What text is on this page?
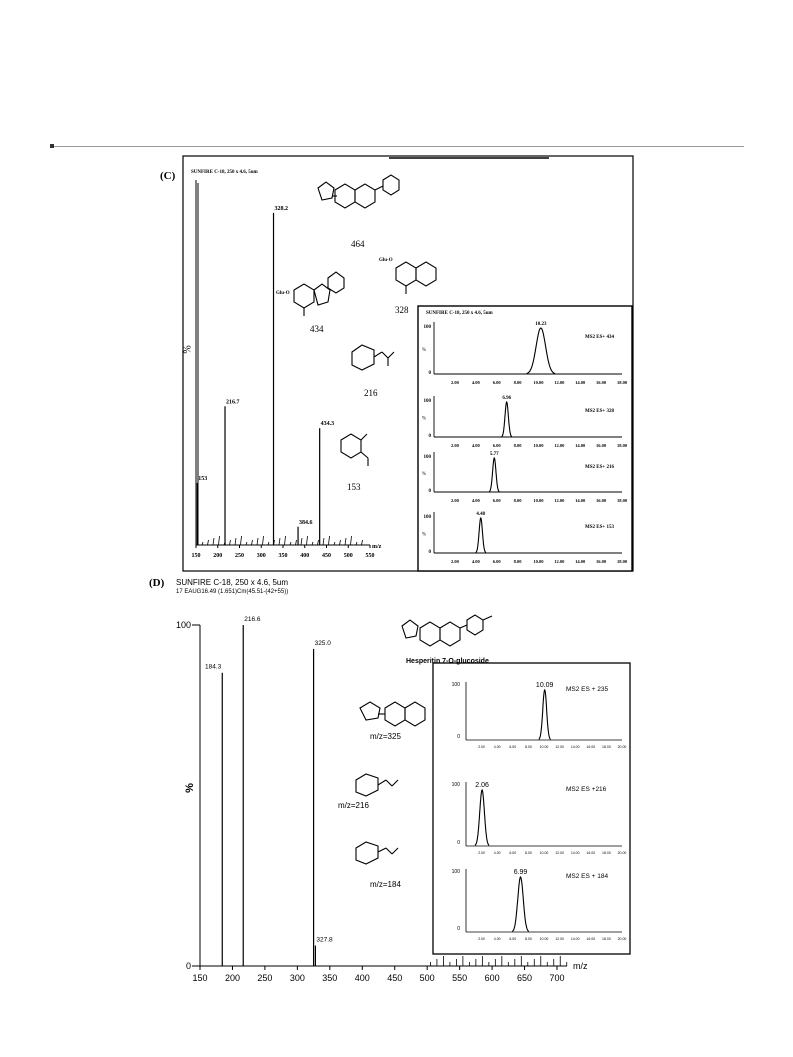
(C)
150 200 250 300 350 400 450 500 550
153
216.7
328.2
384.6
434.3
100
0
%
2.00	4.00	6.00	8.00	10.00 12.00 14.00 16.00 18.00
10.23
MS2 ES+ 434
100
0
%
2.00	4.00	6.00	8.00	10.00 12.00 14.00 16.00 18.00
6.96
MS2 ES+ 328
100
0
%
2.00	4.00	6.00	8.00	10.00 12.00 14.00 16.00 18.00
5.77
MS2 ES+ 216
100
0
%
2.00	4.00	6.00	8.00	10.00 12.00 14.00 16.00 18.00
4.48
MS2 ES+ 153
100
0
150 200 250 300 350 400 450 500 550 600 650 700
184.3
216.6
325.0
327.8
100
0
2.00	4.00	6.00	8.00 10.00 12.00 14.00 16.00 18.00 20.00
10.09
MS2 ES + 235
100
0
2.00	4.00	6.00	8.00 10.00 12.00 14.00 16.00 18.00 20.00
2.06
MS2 ES +216
100
0
2.00	4.00	6.00	8.00 10.00 12.00 14.00 16.00 18.00 20.00
6.99
MS2 ES + 184
SUNFIRE C-18, 250 x 4.6, 5um
%
m/z
464
434
328
216
153
Glu-O
Glu-O
SUNFIRE C-18, 250 x 4.6, 5um
(D) SUNFIRE C-18, 250 x 4.6, 5um
17 EAUG16.49 (1.651)Cm(45.51-(42+55))
%
m/z
Hesperitin 7-O-glucoside
m/z=325
m/z=216
m/z=184
